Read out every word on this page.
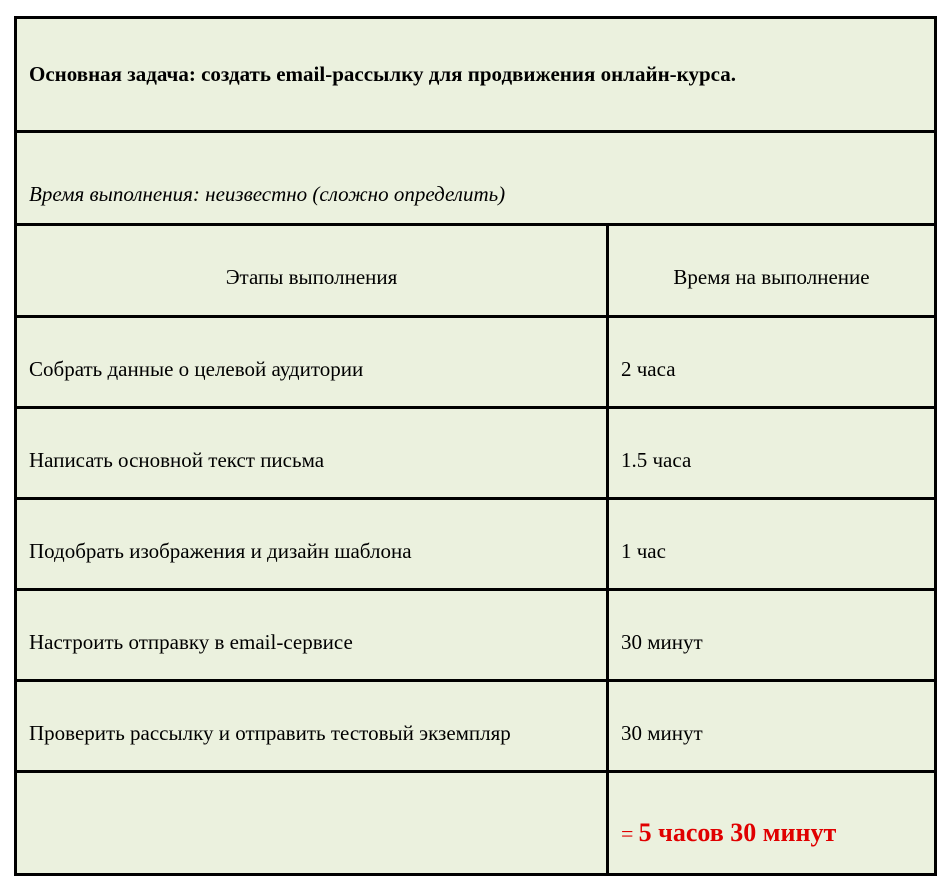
Основная задача: создать email-рассылку для продвижения онлайн-курса.	
Время выполнения: неизвестно (сложно определить)	
Этапы выполнения	Время на выполнение
Собрать данные о целевой аудитории	2 часа
Написать основной текст письма	1.5 часа
Подобрать изображения и дизайн шаблона	1 час
Настроить отправку в email-сервисе	30 минут
Проверить рассылку и отправить тестовый экземпляр	30 минут
	= 5 часов 30 минут
